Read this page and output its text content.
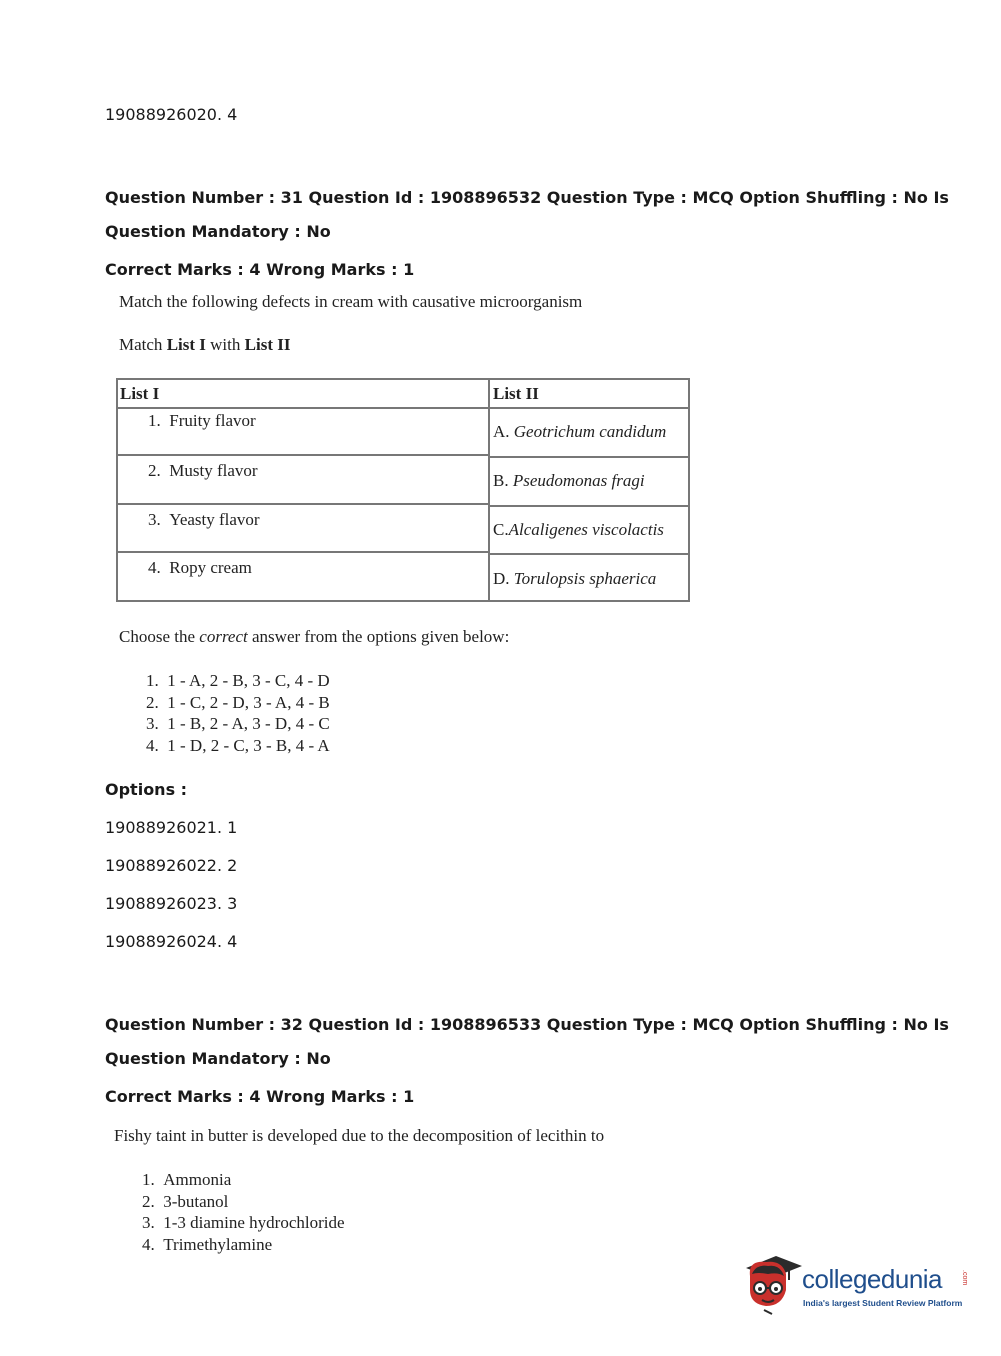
19088926020. 4
Question Number : 31 Question Id : 1908896532 Question Type : MCQ Option Shuffling : No Is
Question Mandatory : No
Correct Marks : 4 Wrong Marks : 1
Match the following defects in cream with causative microorganism
Match List I with List II
List I	List II
1. Fruity flavor
2. Musty flavor
3. Yeasty flavor
4. Ropy cream
A. Geotrichum candidum
B. Pseudomonas fragi
C.Alcaligenes viscolactis
D. Torulopsis sphaerica
Choose the correct answer from the options given below:
1. 1 - A, 2 - B, 3 - C, 4 - D
2. 1 - C, 2 - D, 3 - A, 4 - B
3. 1 - B, 2 - A, 3 - D, 4 - C
4. 1 - D, 2 - C, 3 - B, 4 - A
Options :
19088926021. 1
19088926022. 2
19088926023. 3
19088926024. 4
Question Number : 32 Question Id : 1908896533 Question Type : MCQ Option Shuffling : No Is
Question Mandatory : No
Correct Marks : 4 Wrong Marks : 1
Fishy taint in butter is developed due to the decomposition of lecithin to
1. Ammonia
2. 3-butanol
3. 1-3 diamine hydrochloride
4. Trimethylamine
collegedunia	.com
India's largest Student Review Platform
